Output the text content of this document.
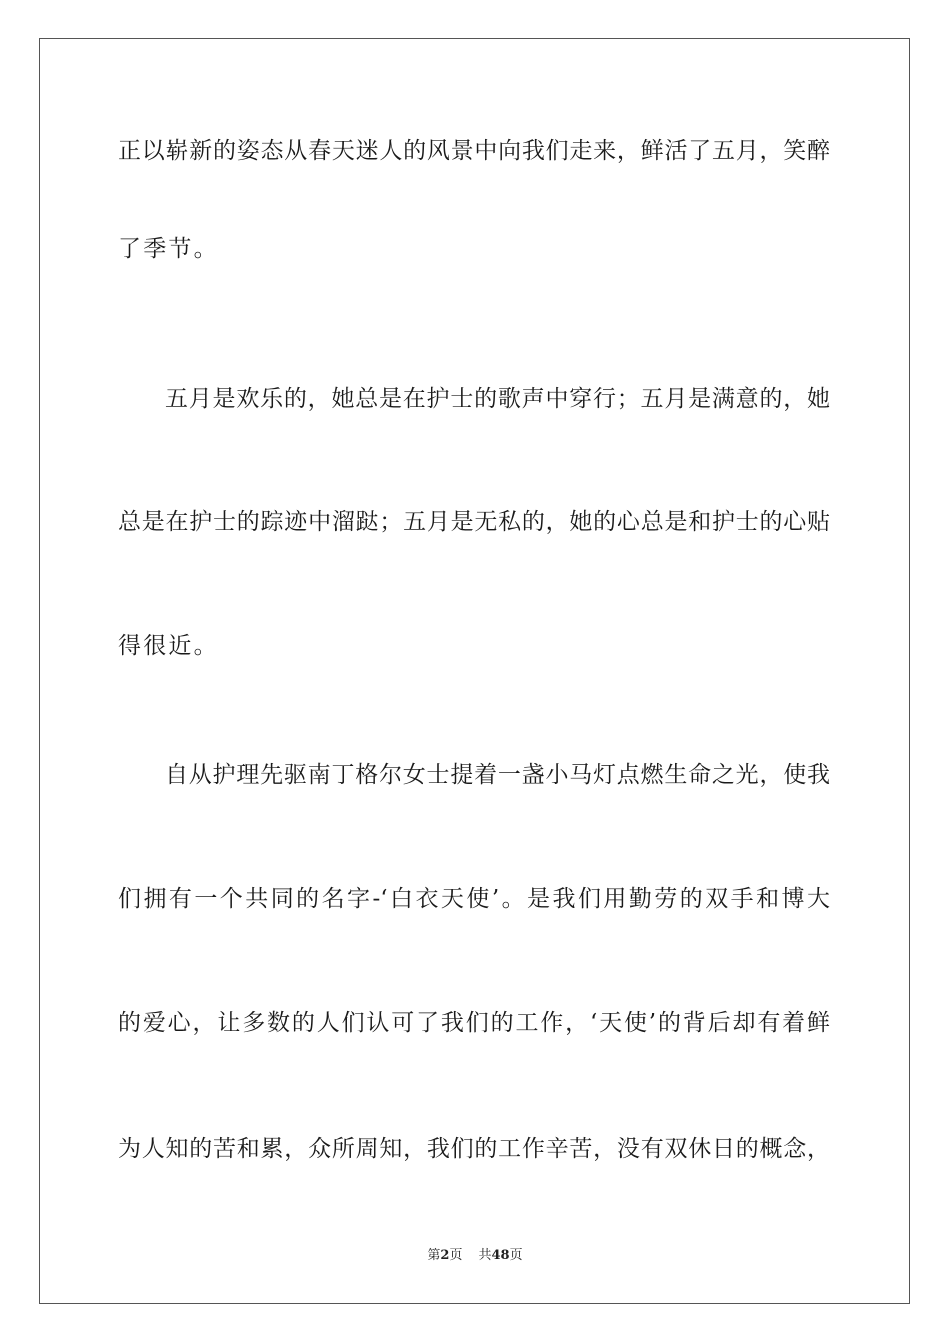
正以崭新的姿态从春天迷人的风景中向我们走来，鲜活了五月，笑醉
了季节。
五月是欢乐的，她总是在护士的歌声中穿行；五月是满意的，她
总是在护士的踪迹中溜跶；五月是无私的，她的心总是和护士的心贴
得很近。
自从护理先驱南丁格尔女士提着一盏小马灯点燃生命之光，使我
们拥有一个共同的名字-‘白衣天使’。是我们用勤劳的双手和博大
的爱心，让多数的人们认可了我们的工作，‘天使’的背后却有着鲜
为人知的苦和累，众所周知，我们的工作辛苦，没有双休日的概念，
第2页 共48页
